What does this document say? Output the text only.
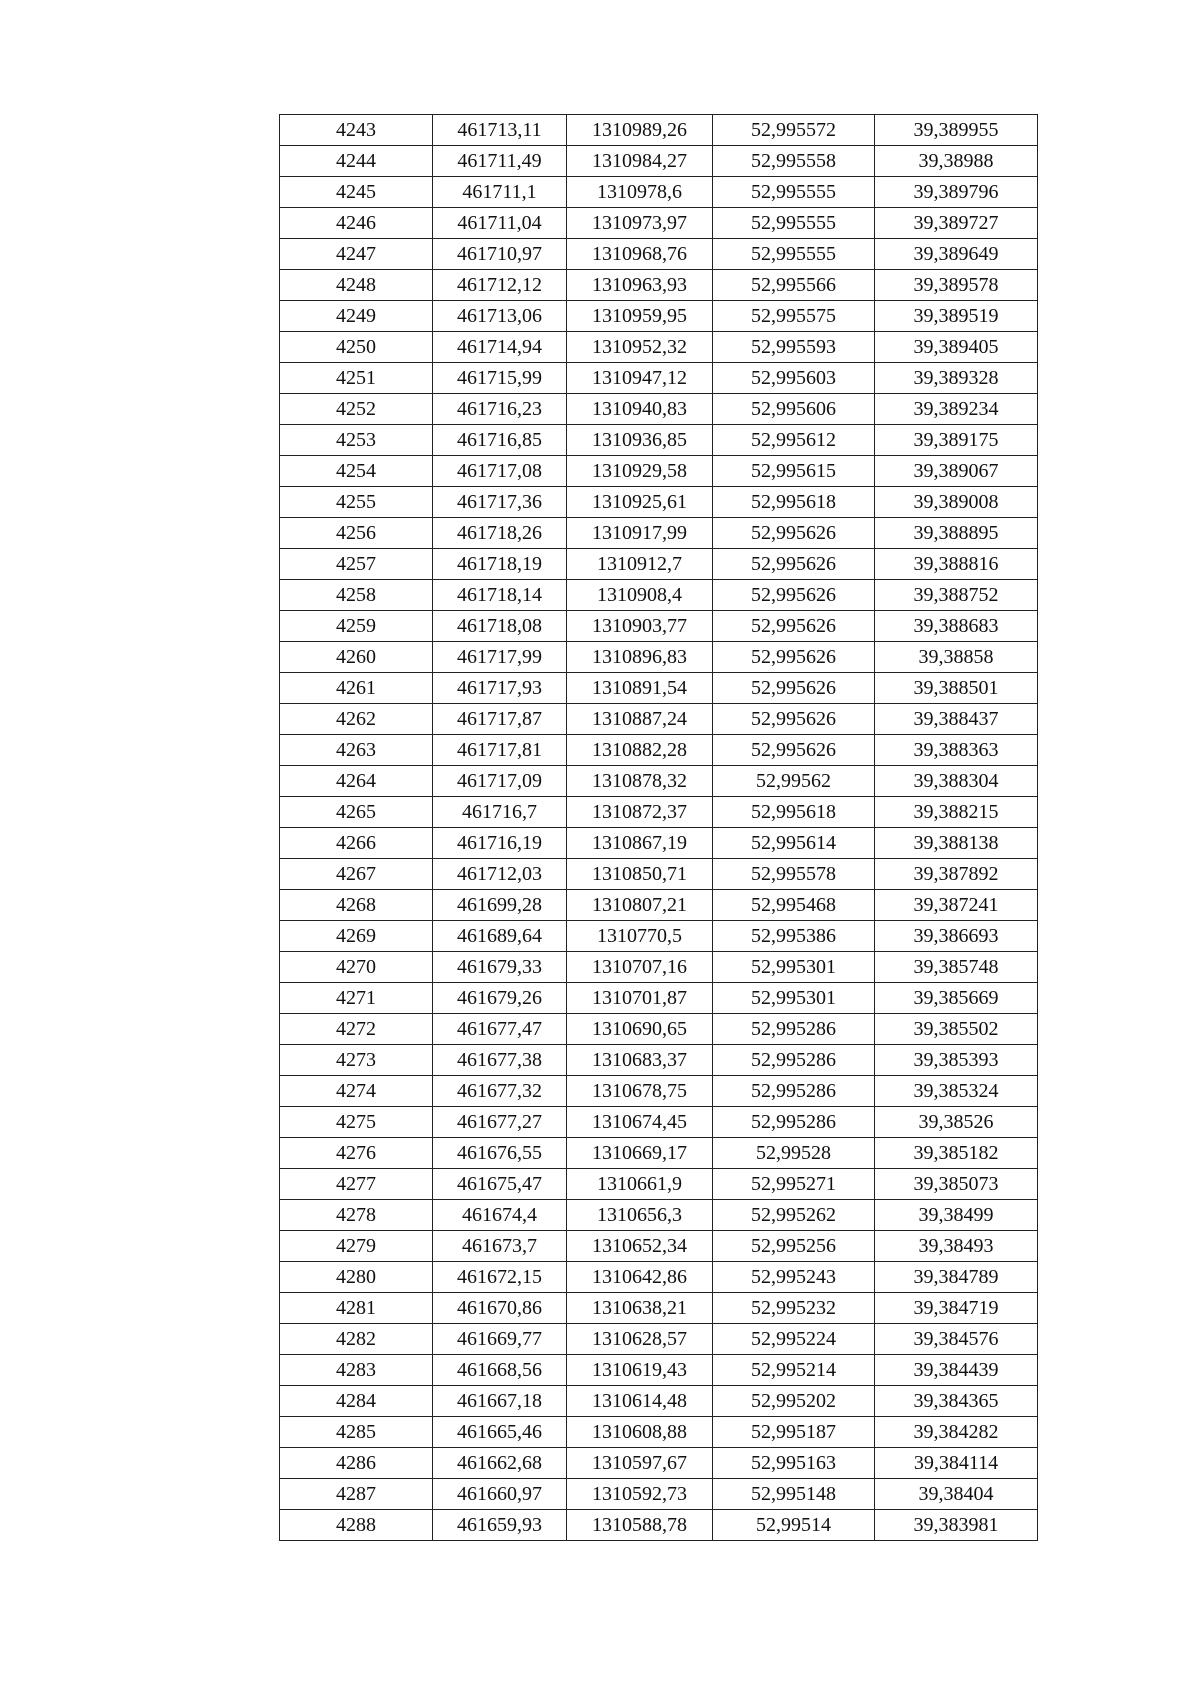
4243	461713,11	1310989,26	52,995572	39,389955
4244	461711,49	1310984,27	52,995558	39,38988
4245	461711,1	1310978,6	52,995555	39,389796
4246	461711,04	1310973,97	52,995555	39,389727
4247	461710,97	1310968,76	52,995555	39,389649
4248	461712,12	1310963,93	52,995566	39,389578
4249	461713,06	1310959,95	52,995575	39,389519
4250	461714,94	1310952,32	52,995593	39,389405
4251	461715,99	1310947,12	52,995603	39,389328
4252	461716,23	1310940,83	52,995606	39,389234
4253	461716,85	1310936,85	52,995612	39,389175
4254	461717,08	1310929,58	52,995615	39,389067
4255	461717,36	1310925,61	52,995618	39,389008
4256	461718,26	1310917,99	52,995626	39,388895
4257	461718,19	1310912,7	52,995626	39,388816
4258	461718,14	1310908,4	52,995626	39,388752
4259	461718,08	1310903,77	52,995626	39,388683
4260	461717,99	1310896,83	52,995626	39,38858
4261	461717,93	1310891,54	52,995626	39,388501
4262	461717,87	1310887,24	52,995626	39,388437
4263	461717,81	1310882,28	52,995626	39,388363
4264	461717,09	1310878,32	52,99562	39,388304
4265	461716,7	1310872,37	52,995618	39,388215
4266	461716,19	1310867,19	52,995614	39,388138
4267	461712,03	1310850,71	52,995578	39,387892
4268	461699,28	1310807,21	52,995468	39,387241
4269	461689,64	1310770,5	52,995386	39,386693
4270	461679,33	1310707,16	52,995301	39,385748
4271	461679,26	1310701,87	52,995301	39,385669
4272	461677,47	1310690,65	52,995286	39,385502
4273	461677,38	1310683,37	52,995286	39,385393
4274	461677,32	1310678,75	52,995286	39,385324
4275	461677,27	1310674,45	52,995286	39,38526
4276	461676,55	1310669,17	52,99528	39,385182
4277	461675,47	1310661,9	52,995271	39,385073
4278	461674,4	1310656,3	52,995262	39,38499
4279	461673,7	1310652,34	52,995256	39,38493
4280	461672,15	1310642,86	52,995243	39,384789
4281	461670,86	1310638,21	52,995232	39,384719
4282	461669,77	1310628,57	52,995224	39,384576
4283	461668,56	1310619,43	52,995214	39,384439
4284	461667,18	1310614,48	52,995202	39,384365
4285	461665,46	1310608,88	52,995187	39,384282
4286	461662,68	1310597,67	52,995163	39,384114
4287	461660,97	1310592,73	52,995148	39,38404
4288	461659,93	1310588,78	52,99514	39,383981
